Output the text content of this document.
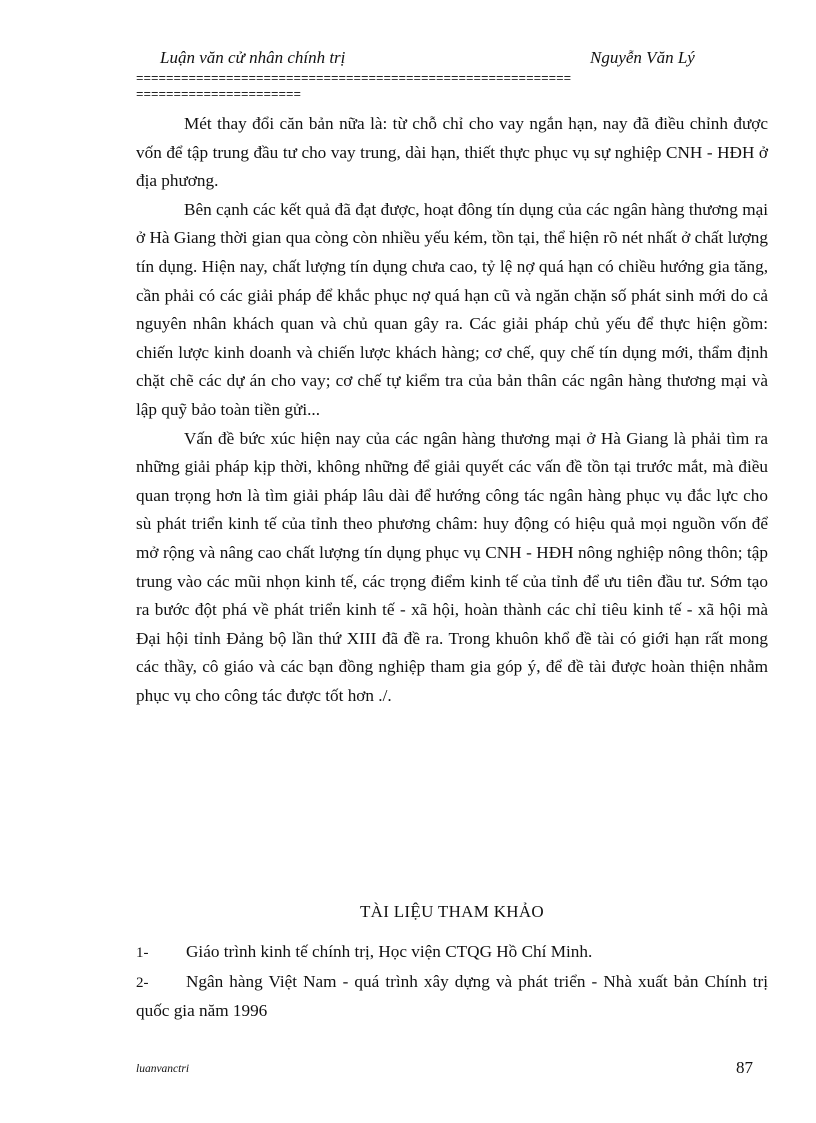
Luận văn cử nhân chính trị	Nguyễn Văn Lý
==========================================================
======================

Mét thay đổi căn bản nữa là: từ chỗ chỉ cho vay ngắn hạn, nay đã điều chỉnh được vốn để tập trung đầu tư cho vay trung, dài hạn, thiết thực phục vụ sự nghiệp CNH - HĐH ở địa phương.

Bên cạnh các kết quả đã đạt được, hoạt đông tín dụng của các ngân hàng thương mại ở Hà Giang thời gian qua còng còn nhiều yếu kém, tồn tại, thể hiện rõ nét nhất ở chất lượng tín dụng. Hiện nay, chất lượng tín dụng chưa cao, tỷ lệ nợ quá hạn có chiều hướng gia tăng, cần phải có các giải pháp để khắc phục nợ quá hạn cũ và ngăn chặn số phát sinh mới do cả nguyên nhân khách quan và chủ quan gây ra. Các giải pháp chủ yếu để thực hiện gồm: chiến lược kinh doanh và chiến lược khách hàng; cơ chế, quy chế tín dụng mới, thẩm định chặt chẽ các dự án cho vay; cơ chế tự kiểm tra của bản thân các ngân hàng thương mại và lập quỹ bảo toàn tiền gửi...

Vấn đề bức xúc hiện nay của các ngân hàng thương mại ở Hà Giang là phải tìm ra những giải pháp kịp thời, không những để giải quyết các vấn đề tồn tại trước mắt, mà điều quan trọng hơn là tìm giải pháp lâu dài để hướng công tác ngân hàng phục vụ đắc lực cho sù phát triển kinh tế của tỉnh theo phương châm: huy động có hiệu quả mọi nguồn vốn để mở rộng và nâng cao chất lượng tín dụng phục vụ CNH - HĐH nông nghiệp nông thôn; tập trung vào các mũi nhọn kinh tế, các trọng điểm kinh tế của tỉnh để ưu tiên đầu tư. Sớm tạo ra bước đột phá về phát triển kinh tế - xã hội, hoàn thành các chỉ tiêu kinh tế - xã hội mà Đại hội tỉnh Đảng bộ lần thứ XIII đã đề ra. Trong khuôn khổ đề tài có giới hạn rất mong các thầy, cô giáo và các bạn đồng nghiệp tham gia góp ý, để đề tài được hoàn thiện nhằm phục vụ cho công tác được tốt hơn ./.

TÀI LIỆU THAM KHẢO

1- Giáo trình kinh tế chính trị, Học viện CTQG Hồ Chí Minh.

2- Ngân hàng Việt Nam - quá trình xây dựng và phát triển - Nhà xuất bản Chính trị quốc gia năm 1996

luanvanctri	87
